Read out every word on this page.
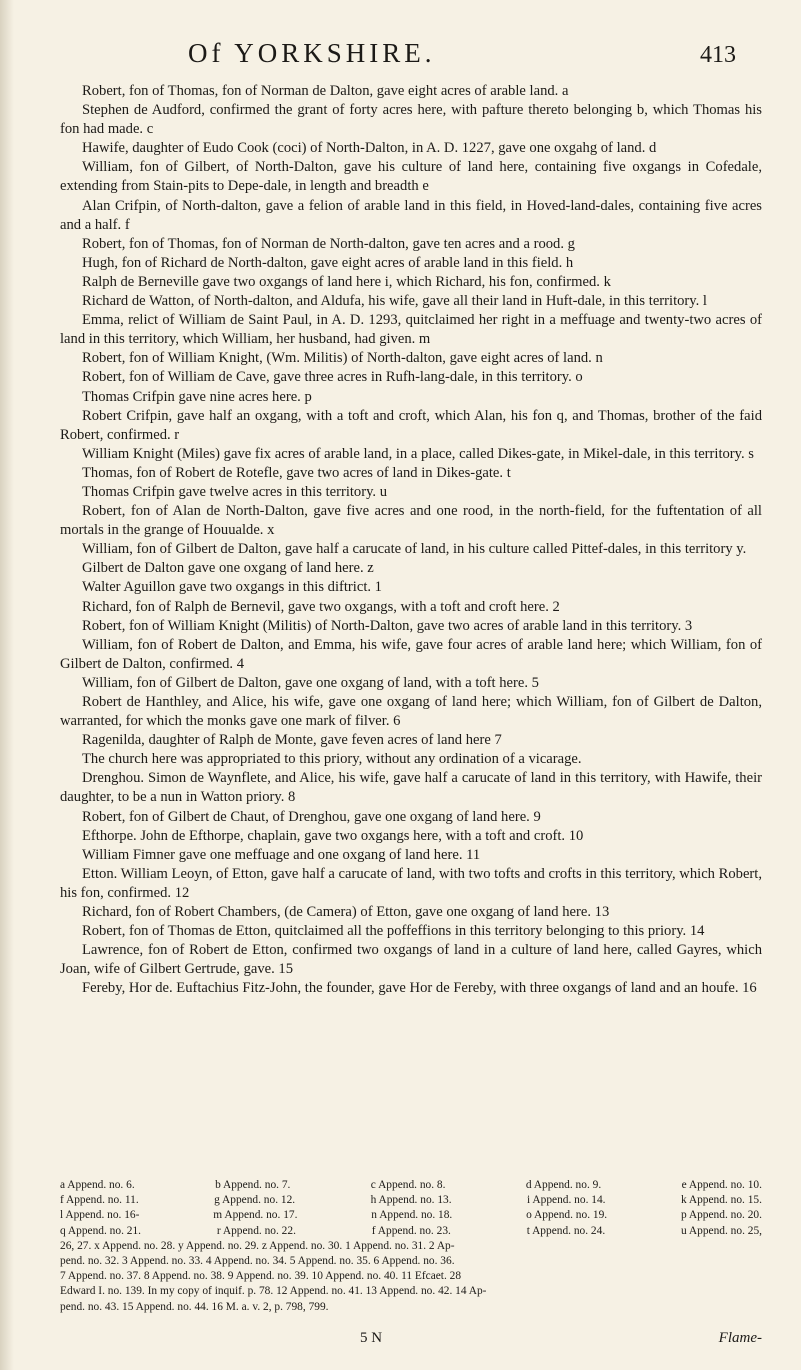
Of YORKSHIRE.	413

Robert, fon of Thomas, fon of Norman de Dalton, gave eight acres of arable land. a

Stephen de Audford, confirmed the grant of forty acres here, with pafture thereto belonging b, which Thomas his fon had made. c

Hawife, daughter of Eudo Cook (coci) of North-Dalton, in A. D. 1227, gave one oxgahg of land. d

William, fon of Gilbert, of North-Dalton, gave his culture of land here, containing five oxgangs in Cofedale, extending from Stain-pits to Depe-dale, in length and breadth e

Alan Crifpin, of North-dalton, gave a felion of arable land in this field, in Hoved-land-dales, containing five acres and a half. f

Robert, fon of Thomas, fon of Norman de North-dalton, gave ten acres and a rood. g

Hugh, fon of Richard de North-dalton, gave eight acres of arable land in this field. h

Ralph de Berneville gave two oxgangs of land here i, which Richard, his fon, confirmed. k

Richard de Watton, of North-dalton, and Aldufa, his wife, gave all their land in Huft-dale, in this territory. l

Emma, relict of William de Saint Paul, in A. D. 1293, quitclaimed her right in a meffuage and twenty-two acres of land in this territory, which William, her husband, had given. m

Robert, fon of William Knight, (Wm. Militis) of North-dalton, gave eight acres of land. n

Robert, fon of William de Cave, gave three acres in Rufh-lang-dale, in this territory. o

Thomas Crifpin gave nine acres here. p

Robert Crifpin, gave half an oxgang, with a toft and croft, which Alan, his fon q, and Thomas, brother of the faid Robert, confirmed. r

William Knight (Miles) gave fix acres of arable land, in a place, called Dikes-gate, in Mikel-dale, in this territory. s

Thomas, fon of Robert de Rotefle, gave two acres of land in Dikes-gate. t

Thomas Crifpin gave twelve acres in this territory. u

Robert, fon of Alan de North-Dalton, gave five acres and one rood, in the north-field, for the fuftentation of all mortals in the grange of Houualde. x

William, fon of Gilbert de Dalton, gave half a carucate of land, in his culture called Pittef-dales, in this territory y.

Gilbert de Dalton gave one oxgang of land here. z

Walter Aguillon gave two oxgangs in this diftrict. 1

Richard, fon of Ralph de Bernevil, gave two oxgangs, with a toft and croft here. 2

Robert, fon of William Knight (Militis) of North-Dalton, gave two acres of arable land in this territory. 3

William, fon of Robert de Dalton, and Emma, his wife, gave four acres of arable land here; which William, fon of Gilbert de Dalton, confirmed. 4

William, fon of Gilbert de Dalton, gave one oxgang of land, with a toft here. 5

Robert de Hanthley, and Alice, his wife, gave one oxgang of land here; which William, fon of Gilbert de Dalton, warranted, for which the monks gave one mark of filver. 6

Ragenilda, daughter of Ralph de Monte, gave feven acres of land here 7

The church here was appropriated to this priory, without any ordination of a vicarage.

Drenghou. Simon de Waynflete, and Alice, his wife, gave half a carucate of land in this territory, with Hawife, their daughter, to be a nun in Watton priory. 8

Robert, fon of Gilbert de Chaut, of Drenghou, gave one oxgang of land here. 9

Efthorpe. John de Efthorpe, chaplain, gave two oxgangs here, with a toft and croft. 10

William Fimner gave one meffuage and one oxgang of land here. 11

Etton. William Leoyn, of Etton, gave half a carucate of land, with two tofts and crofts in this territory, which Robert, his fon, confirmed. 12

Richard, fon of Robert Chambers, (de Camera) of Etton, gave one oxgang of land here. 13

Robert, fon of Thomas de Etton, quitclaimed all the poffeffions in this territory belonging to this priory. 14

Lawrence, fon of Robert de Etton, confirmed two oxgangs of land in a culture of land here, called Gayres, which Joan, wife of Gilbert Gertrude, gave. 15

Fereby, Hor de. Euftachius Fitz-John, the founder, gave Hor de Fereby, with three oxgangs of land and an houfe. 16

a Append. no. 6.	b Append. no. 7.	c Append. no. 8.	d Append. no. 9.	e Append. no. 10.
f Append. no. 11.	g Append. no. 12.	h Append. no. 13.	i Append. no. 14.	k Append. no. 15.
l Append. no. 16-	m Append. no. 17.	n Append. no. 18.	o Append. no. 19.	p Append. no. 20.
q Append. no. 21.	r Append. no. 22.	f Append. no. 23.	t Append. no. 24.	u Append. no. 25,
26, 27. x Append. no. 28. y Append. no. 29. z Append. no. 30. 1 Append. no. 31. 2 Ap-
pend. no. 32. 3 Append. no. 33. 4 Append. no. 34. 5 Append. no. 35. 6 Append. no. 36.
7 Append. no. 37. 8 Append. no. 38. 9 Append. no. 39. 10 Append. no. 40. 11 Efcaet. 28
Edward I. no. 139. In my copy of inquif. p. 78. 12 Append. no. 41. 13 Append. no. 42. 14 Ap-
pend. no. 43. 15 Append. no. 44. 16 M. a. v. 2, p. 798, 799.
5 N	Flame-
